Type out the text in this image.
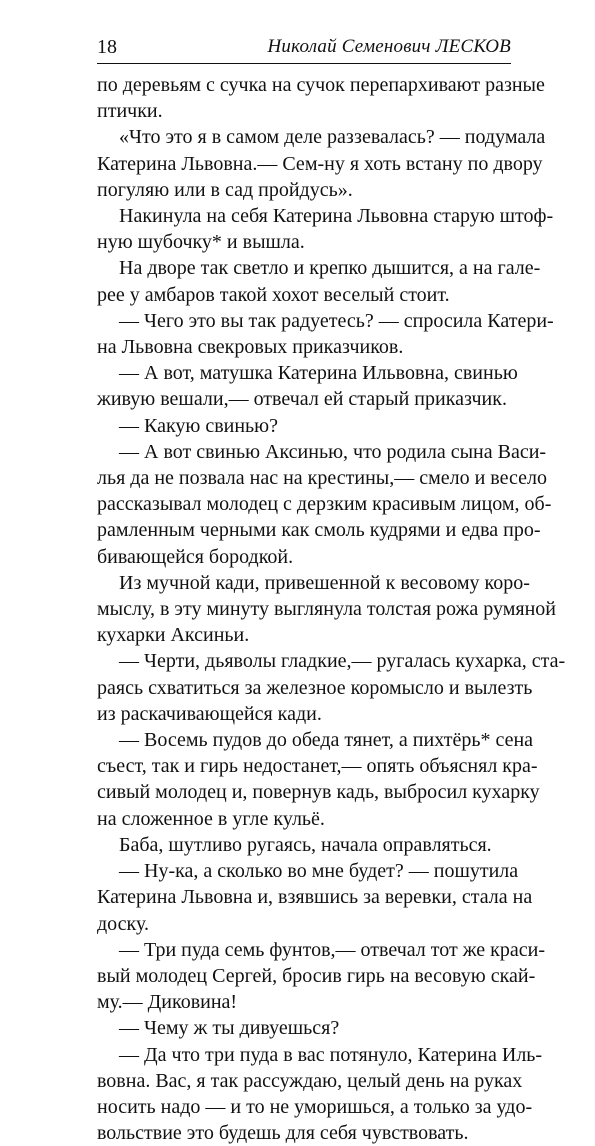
18	Николай Семенович ЛЕСКОВ
по деревьям с сучка на сучок перепархивают разные
птички.
«Что это я в самом деле раззевалась? — подумала
Катерина Львовна.— Сем-ну я хоть встану по двору
погуляю или в сад пройдусь».
Накинула на себя Катерина Львовна старую штоф-
ную шубочку* и вышла.
На дворе так светло и крепко дышится, а на гале-
рее у амбаров такой хохот веселый стоит.
— Чего это вы так радуетесь? — спросила Катери-
на Львовна свекровых приказчиков.
— А вот, матушка Катерина Ильвовна, свинью
живую вешали,— отвечал ей старый приказчик.
— Какую свинью?
— А вот свинью Аксинью, что родила сына Васи-
лья да не позвала нас на крестины,— смело и весело
рассказывал молодец с дерзким красивым лицом, об-
рамленным черными как смоль кудрями и едва про-
бивающейся бородкой.
Из мучной кади, привешенной к весовому коро-
мыслу, в эту минуту выглянула толстая рожа румяной
кухарки Аксиньи.
— Черти, дьяволы гладкие,— ругалась кухарка, ста-
раясь схватиться за железное коромысло и вылезть
из раскачивающейся кади.
— Восемь пудов до обеда тянет, а пихтёрь* сена
съест, так и гирь недостанет,— опять объяснял кра-
сивый молодец и, повернув кадь, выбросил кухарку
на сложенное в угле кульё.
Баба, шутливо ругаясь, начала оправляться.
— Ну-ка, а сколько во мне будет? — пошутила
Катерина Львовна и, взявшись за веревки, стала на
доску.
— Три пуда семь фунтов,— отвечал тот же краси-
вый молодец Сергей, бросив гирь на весовую скай-
му.— Диковина!
— Чему ж ты дивуешься?
— Да что три пуда в вас потянуло, Катерина Иль-
вовна. Вас, я так рассуждаю, целый день на руках
носить надо — и то не уморишься, а только за удо-
вольствие это будешь для себя чувствовать.
